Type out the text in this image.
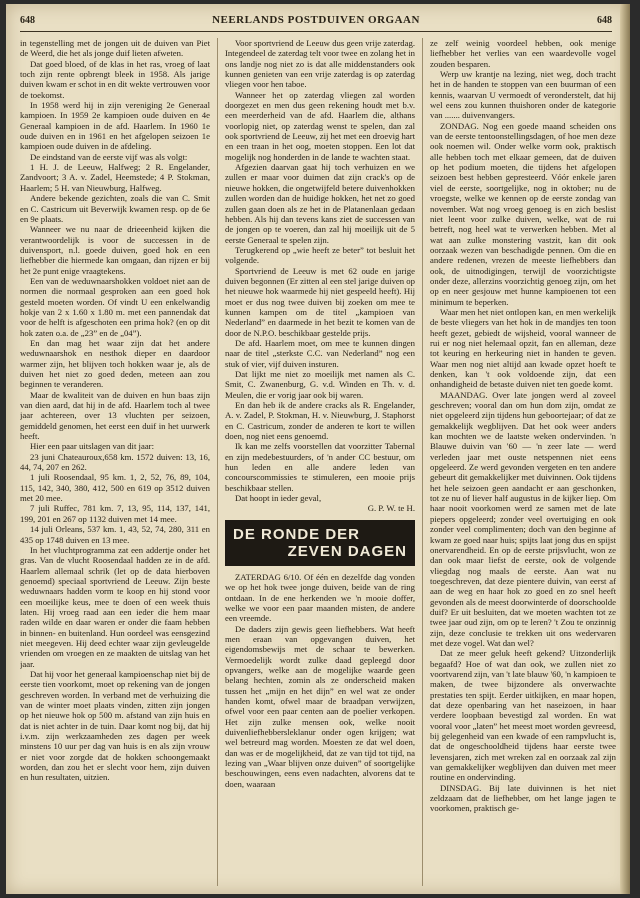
648	NEERLANDS POSTDUIVEN ORGAAN	648

in tegenstelling met de jongen uit de duiven van Piet de Weerd, die het als jonge duif lieten afweten.

Dat goed bloed, of de klas in het ras, vroeg of laat toch zijn rente opbrengt bleek in 1958. Als jarige duiven kwam er schot in en dit wekte vertrouwen voor de toekomst.

In 1958 werd hij in zijn vereniging 2e Generaal kampioen. In 1959 2e kampioen oude duiven en 4e Generaal kampioen in de afd. Haarlem. In 1960 1e oude duiven en in 1961 en het afgelopen seizoen 1e kampioen oude duiven in de afdeling.

De eindstand van de eerste vijf was als volgt:

1 H. J. de Leeuw, Halfweg; 2 R. Engelander, Zandvoort; 3 A. v. Zadel, Heemstede; 4 P. Stokman, Haarlem; 5 H. van Nieuwburg, Halfweg.

Andere bekende gezichten, zoals die van C. Smit en C. Castricum uit Beverwijk kwamen resp. op de 6e en 9e plaats.

Wanneer we nu naar de drieeenheid kijken die verantwoordelijk is voor de successen in de duivensport, n.l. goede duiven, goed hok en een liefhebber die hiermede kan omgaan, dan rijzen er bij het 2e punt enige vraagtekens.

Een van de weduwnaarshokken voldoet niet aan de normen die normaal gesproken aan een goed hok gesteld moeten worden. Of vindt U een enkelwandig hokje van 2 x 1.60 x 1.80 m. met een pannendak dat voor de helft is afgeschoten een prima hok? (en op dit hok zaten o.a. de „23” en de „04”).

En dan mag het waar zijn dat het andere weduwnaarshok en nesthok dieper en daardoor warmer zijn, het blijven toch hokken waar je, als de duiven het niet zo goed deden, meteen aan zou beginnen te veranderen.

Maar de kwaliteit van de duiven en hun baas zijn van dien aard, dat hij in de afd. Haarlem toch al twee jaar achtereen, over 13 vluchten per seizoen, gemiddeld genomen, het eerst een duif in het uurwerk heeft.

Hier een paar uitslagen van dit jaar:

23 juni Chateauroux,658 km. 1572 duiven: 13, 16, 44, 74, 207 en 262.

1 juli Roosendaal, 95 km. 1, 2, 52, 76, 89, 104, 115, 142, 340, 380, 412, 500 en 619 op 3512 duiven met 20 mee.

7 juli Ruffec, 781 km. 7, 13, 95, 114, 137, 141, 199, 201 en 267 op 1132 duiven met 14 mee.

14 juli Orleans, 537 km. 1, 43, 52, 74, 280, 311 en 435 op 1748 duiven en 13 mee.

In het vluchtprogramma zat een addertje onder het gras. Van de vlucht Roosendaal hadden ze in de afd. Haarlem allemaal schrik (let op de data hierboven genoemd) speciaal sportvriend de Leeuw. Zijn beste weduwnaars hadden vorm te koop en hij stond voor een moeilijke keus, mee te doen of een week thuis laten. Hij vroeg raad aan een ieder die hem maar raden wilde en daar waren er onder die faam hebben in binnen- en buitenland. Hun oordeel was eensgezind niet meegeven. Hij deed echter waar zijn gevleugelde vrienden om vroegen en ze maakten de uitslag van het jaar.

Dat hij voor het generaal kampioenschap niet bij de eerste tien voorkomt, moet op rekening van de jongen geschreven worden. In verband met de verhuizing die van de winter moet plaats vinden, zitten zijn jongen op het nieuwe hok op 500 m. afstand van zijn huis en dat is niet achter in de tuin. Daar komt nog bij, dat hij i.v.m. zijn werkzaamheden zes dagen per week minstens 10 uur per dag van huis is en als zijn vrouw er niet voor zorgde dat de hokken schoongemaakt worden, dan zou het er slecht voor hem, zijn duiven en hun resultaten, uitzien.

Voor sportvriend de Leeuw dus geen vrije zaterdag. Integendeel de zaterdag telt voor twee en zolang het in ons landje nog niet zo is dat alle middenstanders ook kunnen genieten van een vrije zaterdag is op zaterdag vliegen voor hen taboe.

Wanneer het op zaterdag vliegen zal worden doorgezet en men dus geen rekening houdt met b.v. een meerderheid van de afd. Haarlem die, althans voorlopig niet, op zaterdag wenst te spelen, dan zal ook sportvriend de Leeuw, zij het met een droevig hart en een traan in het oog, moeten stoppen. Een lot dat mogelijk nog honderden in de lande te wachten staat.

Afgezien daarvan gaat hij toch verhuizen en we zullen er maar voor duimen dat zijn crack's op de nieuwe hokken, die ongetwijfeld betere duivenhokken zullen worden dan de huidige hokken, het net zo goed zullen gaan doen als ze het in de Platanenlaan gedaan hebben. Als hij dan tevens kans ziet de successen van de jongen op te voeren, dan zal hij moeilijk uit de 5 eerste Generaal te spelen zijn.

Terugkerend op „wie heeft ze beter” tot besluit het volgende.

Sportvriend de Leeuw is met 62 oude en jarige duiven begonnen (Er zitten al een stel jarige duiven op het nieuwe hok waarmede hij niet gespeeld heeft). Hij moet er dus nog twee duiven bij zoeken om mee te kunnen kampen om de titel „kampioen van Nederland” en daarmede in het bezit te komen van de door de N.P.O. beschikbaar gestelde prijs.

De afd. Haarlem moet, om mee te kunnen dingen naar de titel „sterkste C.C. van Nederland” nog een stuk of vier, vijf duiven insturen.

Dat lijkt me niet zo moeilijk met namen als C. Smit, C. Zwanenburg, G. v.d. Winden en Th. v. d. Meulen, die er vorig jaar ook bij waren.

En dan heb ik de andere cracks als R. Engelander, A. v. Zadel, P. Stokman, H. v. Nieuwburg, J. Staphorst en C. Castricum, zonder de anderen te kort te willen doen, nog niet eens genoemd.

Ik kan me zelfs voorstellen dat voorzitter Tabernal en zijn medebestuurders, of 'n ander CC bestuur, om hun leden en alle andere leden van concourscommissies te stimuleren, een mooie prijs beschikbaar stellen.

Dat hoopt in ieder geval,

G. P. W. te H.

DE RONDE DER
ZEVEN DAGEN

ZATERDAG 6/10. Of één en dezelfde dag vonden we op het hok twee jonge duiven, beide van de ring ontdaan. In de ene herkenden we 'n mooie doffer, welke we voor een paar maanden misten, de andere een vreemde.

De daders zijn gewis geen liefhebbers. Wat heeft men eraan van opgevangen duiven, het eigendomsbewijs met de schaar te bewerken. Vermoedelijk wordt zulke daad gepleegd door opvangers, welke aan de mogelijke waarde geen belang hechten, zomin als ze onderscheid maken tussen het „mijn en het dijn” en wel wat ze onder handen komt, ofwel maar de braadpan verwijzen, ofwel voor een paar centen aan de poelier verkopen. Het zijn zulke mensen ook, welke nooit duivenliefhebbersleklanur onder ogen krijgen; wat wel betreurd mag worden. Moesten ze dat wel doen, dan was er de mogelijkheid, dat ze van tijd tot tijd, na lezing van „Waar blijven onze duiven” of soortgelijke beschouwingen, eens even nadachten, alvorens dat te doen, waaraan

ze zelf weinig voordeel hebben, ook menige liefhebber het verlies van een waardevolle vogel zouden besparen.

Werp uw krantje na lezing, niet weg, doch tracht het in de handen te stoppen van een buurman of een kennis, waarvan U vermoedt of veronderstelt, dat hij wel eens zou kunnen thuishoren onder de kategorie van ....... duivenvangers.

ZONDAG. Nog een goede maand scheiden ons van de eerste tentoonstellingsdagen, of hoe men deze ook noemen wil. Onder welke vorm ook, praktisch alle hebben toch met elkaar gemeen, dat de duiven op het podium moeten, die tijdens het afgelopen seizoen best hebben gepresteerd. Vóór enkele jaren viel de eerste, soortgelijke, nog in oktober; nu de vroegste, welke we kennen op de eerste zondag van november. Wat nog vroeg genoeg is en zich beslist niet leent voor zulke duiven, welke, wat de rui betreft, nog heel wat te verwerken hebben. Met al wat aan zulke monstering vastzit, kan dit ook oorzaak wezen van beschadigde pennen. Om die en andere redenen, vrezen de meeste liefhebbers dan ook, de uitnodigingen, terwijl de voorzichtigste onder deze, allerzins voorzichtig genoeg zijn, om het op en neer gesjouw met hunne kampioenen tot een minimum te beperken.

Waar men het niet ontlopen kan, en men werkelijk de beste vliegers van het hok in de mandjes ten toon heeft gezet, gebiedt de wijsheid, vooral wanneer de rui er nog niet helemaal opzit, fan en alleman, deze tot keuring en herkeuring niet in handen te geven. Waar men nog niet altijd aan kwade opzet hoeft te denken, kan 't ook voldoende zijn, dat een onhandigheid de betaste duiven niet ten goede komt.

MAANDAG. Over late jongen werd al zoveel geschreven; vooral dan om hun dom zijn, omdat ze niet opgeleerd zijn tijdens hun geboortejaar; of dat ze gemakkelijk wegblijven. Dat het ook weer anders kan mochten we de laatste weken ondervinden. 'n Blauwe duivin van '60 — 'n zeer late — werd verleden jaar met ouste netspennen niet eens opgeleerd. Ze werd gevonden vergeten en ten andere gebeurt dit gemakkelijker met duivinnen. Ook tijdens het hele seizoen geen aandacht er aan geschonken, tot ze nu of liever half augustus in de kijker liep. Om haar nooit voorkomen werd ze samen met de late piepers opgeleerd; zonder veel overtuiging en ook zonder veel complimenten; doch van den beginne af kwam ze goed naar huis; spijts laat jong dus en spijst onervarendheid. En op de eerste prijsvlucht, won ze dan ook maar liefst de eerste, ook de volgende vliegdag nog maals de eerste. Aan wat nu toegeschreven, dat deze pientere duivin, van eerst af aan de weg en haar hok zo goed en zo snel heeft gevonden als de meest doorwinterde of doorschoolde duif? Er uit besluiten, dat we moeten wachten tot ze twee jaar oud zijn, om op te leren? 't Zou te onzinnig zijn, deze conclusie te trekken uit ons wedervaren met deze vogel. Wat dan wel?

Dat ze meer geluk heeft gekend? Uitzonderlijk begaafd? Hoe of wat dan ook, we zullen niet zo voortvarend zijn, van 't late blauw '60, 'n kampioen te maken, de twee bijzondere als onverwachte prestaties ten spijt. Eerder uitkijken, en maar hopen, dat deze openbaring van het naseizoen, in haar verdere loopbaan bevestigd zal worden. En wat vooral voor „laten” het meest moet worden gevreesd, bij gelegenheid van een kwade of een rampvlucht is, dat de ongeschooldheid tijdens haar eerste twee levensjaren, zich met wreken zal en oorzaak zal zijn van gemakkelijker wegblijven dan duiven met meer routine en ondervinding.

DINSDAG. Bij late duivinnen is het niet zeldzaam dat de liefhebber, om het lange jagen te voorkomen, praktisch ge-
